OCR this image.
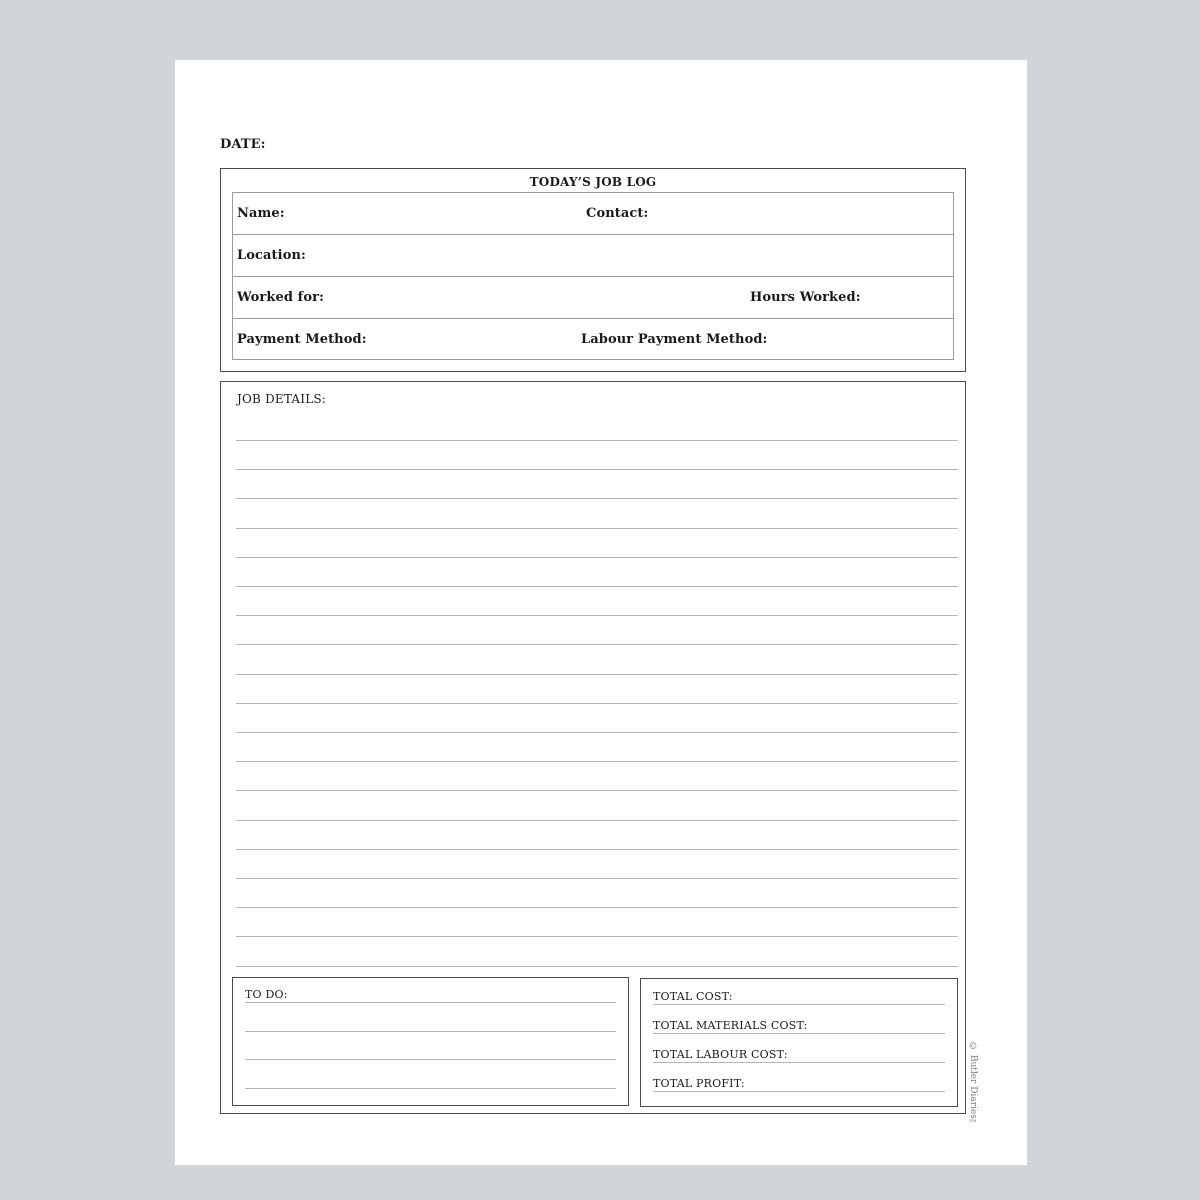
DATE:
TODAY’S JOB LOG
Name:	Contact:
Location:
Worked for:	Hours Worked:
Payment Method:	Labour Payment Method:
JOB DETAILS:
TO DO:	TOTAL COST:
TOTAL MATERIALS COST:
TOTAL LABOUR COST:
TOTAL PROFIT:	© Butler Diaries™
